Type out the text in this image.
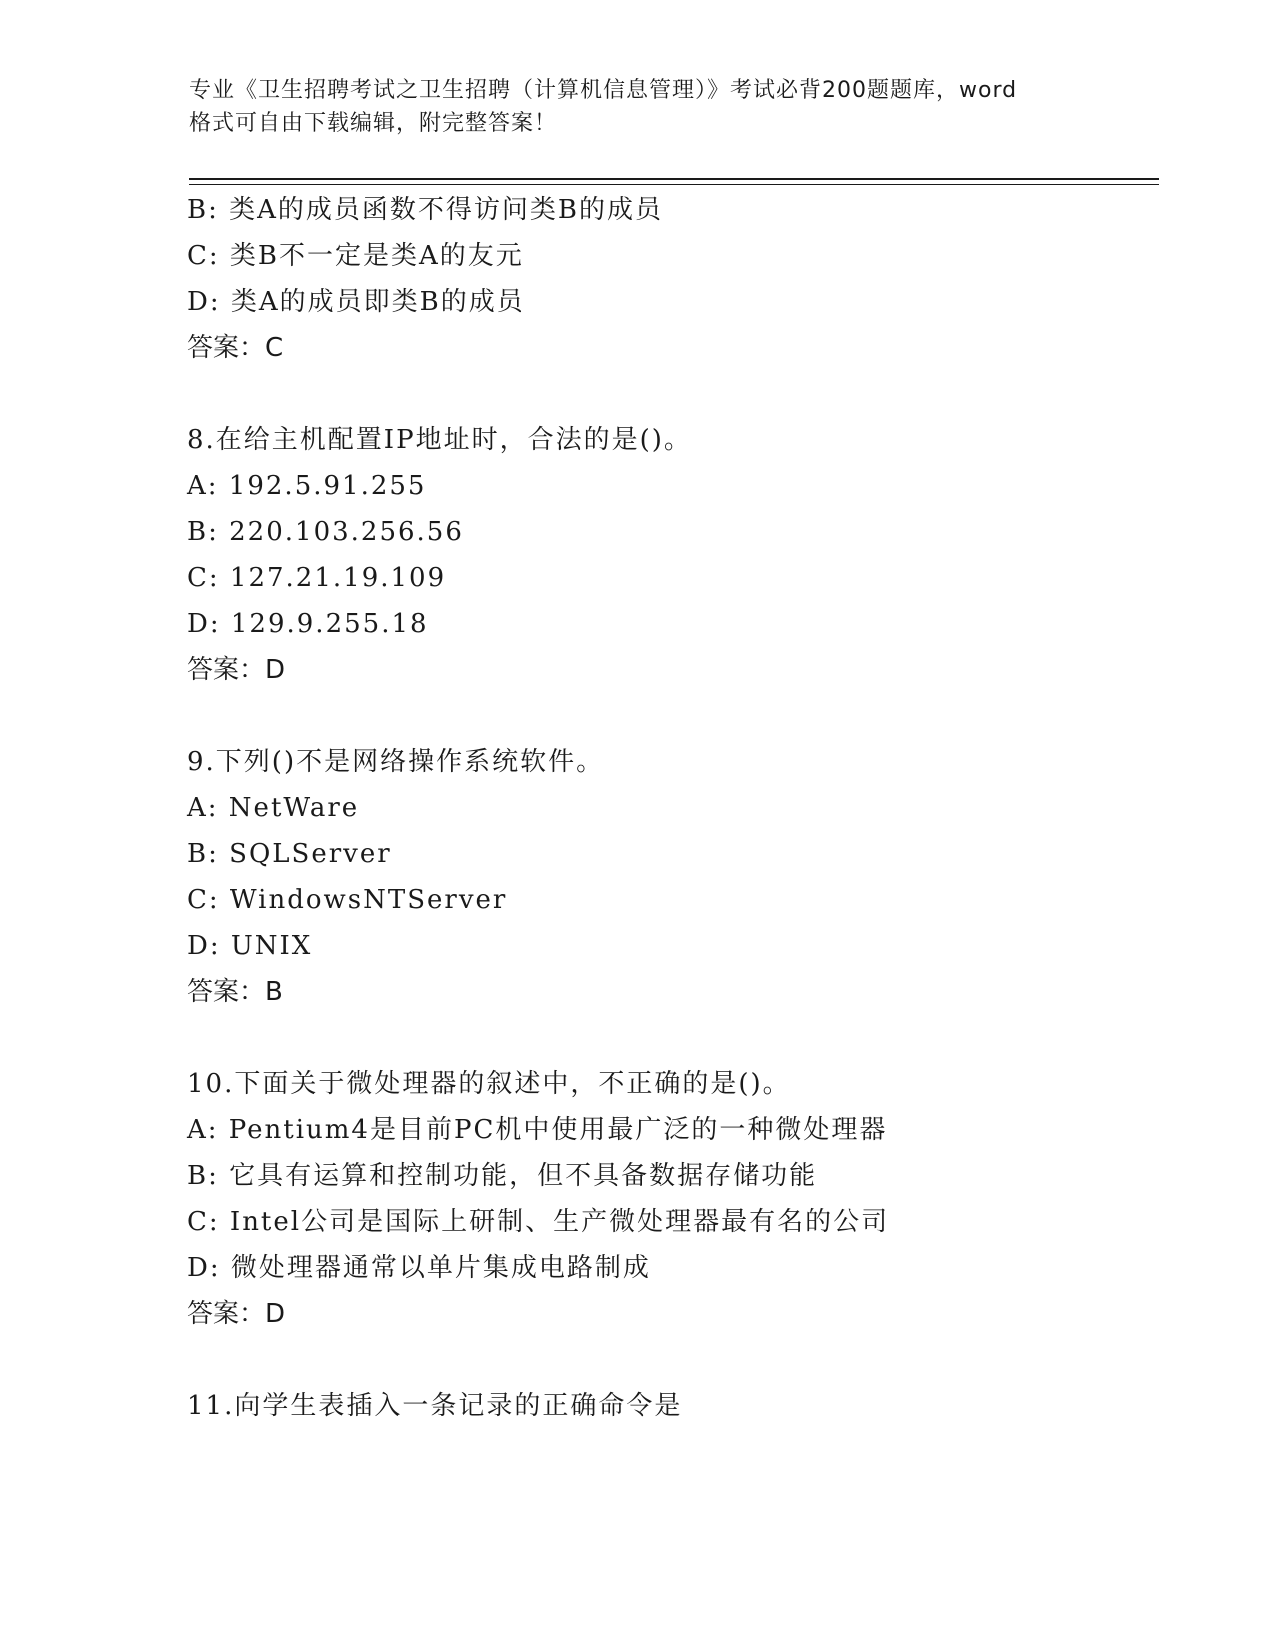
专业《卫生招聘考试之卫生招聘（计算机信息管理）》考试必背200题题库，word
格式可自由下载编辑，附完整答案！
B: 类A的成员函数不得访问类B的成员
C: 类B不一定是类A的友元
D: 类A的成员即类B的成员
答案：C
8.在给主机配置IP地址时，合法的是()。
A: 192.5.91.255
B: 220.103.256.56
C: 127.21.19.109
D: 129.9.255.18
答案：D
9.下列()不是网络操作系统软件。
A: NetWare
B: SQLServer
C: WindowsNTServer
D: UNIX
答案：B
10.下面关于微处理器的叙述中，不正确的是()。
A: Pentium4是目前PC机中使用最广泛的一种微处理器
B: 它具有运算和控制功能，但不具备数据存储功能
C: Intel公司是国际上研制、生产微处理器最有名的公司
D: 微处理器通常以单片集成电路制成
答案：D
11.向学生表插入一条记录的正确命令是
